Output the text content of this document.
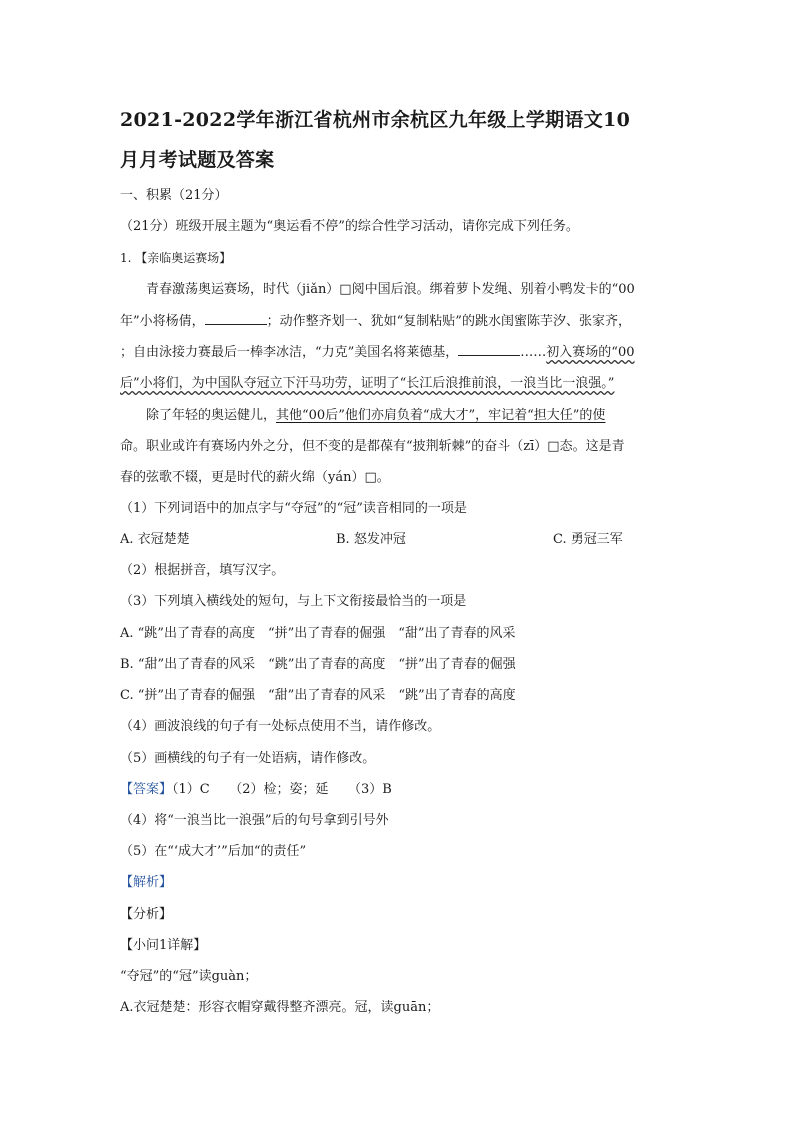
2021-2022学年浙江省杭州市余杭区九年级上学期语文10
月月考试题及答案
一、积累（21分）
（21分）班级开展主题为“奥运看不停”的综合性学习活动，请你完成下列任务。
1. 【亲临奥运赛场】
青春激荡奥运赛场，时代（jiǎn）□阅中国后浪。绑着萝卜发绳、别着小鸭发卡的“00
年”小将杨倩，	；动作整齐划一、犹如“复制粘贴”的跳水闺蜜陈芋汐、张家齐，
；自由泳接力赛最后一棒李冰洁，“力克”美国名将莱德基，	……初入赛场的“00
后”小将们，为中国队夺冠立下汗马功劳，证明了“长江后浪推前浪，一浪当比一浪强。”
除了年轻的奥运健儿，其他“00后”他们亦肩负着“成大才”，牢记着“担大任”的使
命。职业或许有赛场内外之分，但不变的是都葆有“披荆斩棘”的奋斗（zī）□态。这是青
春的弦歌不辍，更是时代的薪火绵（yán）□。
（1）下列词语中的加点字与“夺冠”的“冠”读音相同的一项是
A. 衣冠楚楚	B. 怒发冲冠	C. 勇冠三军
（2）根据拼音，填写汉字。
（3）下列填入横线处的短句，与上下文衔接最恰当的一项是
A. “跳”出了青春的高度　“拼”出了青春的倔强　“甜”出了青春的风采
B. “甜”出了青春的风采　“跳”出了青春的高度　“拼”出了青春的倔强
C. “拼”出了青春的倔强　“甜”出了青春的风采　“跳”出了青春的高度
（4）画波浪线的句子有一处标点使用不当，请作修改。
（5）画横线的句子有一处语病，请作修改。
【答案】（1）C　　（2）检；姿；延　　（3）B
（4）将“一浪当比一浪强”后的句号拿到引号外
（5）在“‘成大才’”后加“的责任”
【解析】
【分析】
【小问1详解】
“夺冠”的“冠”读guàn；
A.衣冠楚楚：形容衣帽穿戴得整齐漂亮。冠，读guān；
